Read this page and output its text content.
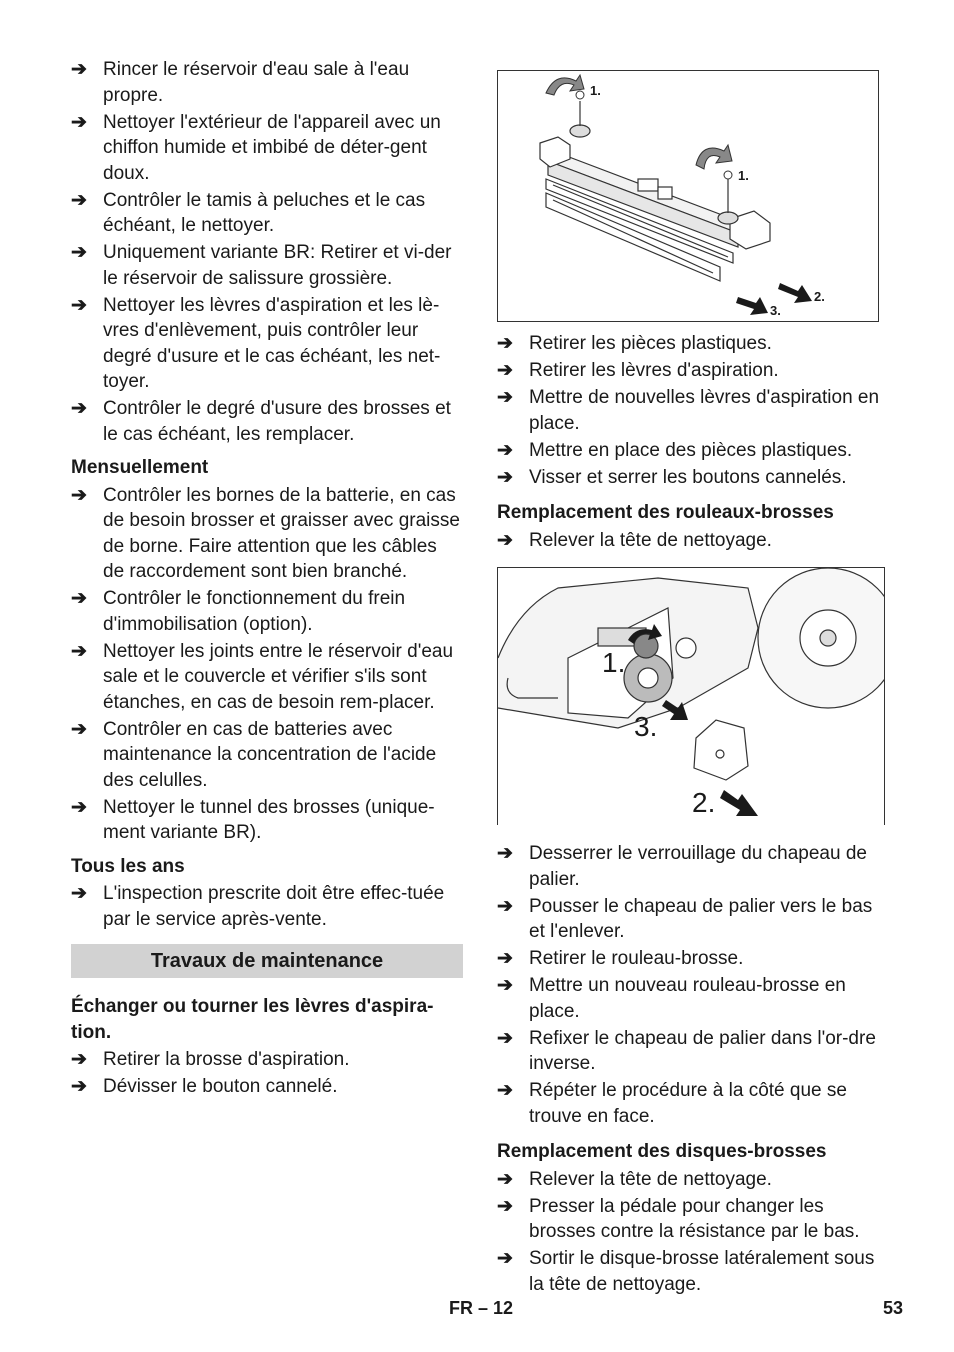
➔ Rincer le réservoir d'eau sale à l'eau propre.
➔ Nettoyer l'extérieur de l'appareil avec un chiffon humide et imbibé de déter-gent doux.
➔ Contrôler le tamis à peluches et le cas échéant, le nettoyer.
➔ Uniquement variante BR: Retirer et vi-der le réservoir de salissure grossière.
➔ Nettoyer les lèvres d'aspiration et les lè-vres d'enlèvement, puis contrôler leur degré d'usure et le cas échéant, les net-toyer.
➔ Contrôler le degré d'usure des brosses et le cas échéant, les remplacer.
Mensuellement
➔ Contrôler les bornes de la batterie, en cas de besoin brosser et graisser avec graisse de borne. Faire attention que les câbles de raccordement sont bien branché.
➔ Contrôler le fonctionnement du frein d'immobilisation (option).
➔ Nettoyer les joints entre le réservoir d'eau sale et le couvercle et vérifier s'ils sont étanches, en cas de besoin rem-placer.
➔ Contrôler en cas de batteries avec maintenance la concentration de l'acide des celulles.
➔ Nettoyer le tunnel des brosses (unique-ment variante BR).
Tous les ans
➔ L'inspection prescrite doit être effec-tuée par le service après-vente.
Travaux de maintenance
Échanger ou tourner les lèvres d'aspira-tion.
➔ Retirer la brosse d'aspiration.
➔ Dévisser le bouton cannelé.
1.
1.
2.
3.
➔ Retirer les pièces plastiques.
➔ Retirer les lèvres d'aspiration.
➔ Mettre de nouvelles lèvres d'aspiration en place.
➔ Mettre en place des pièces plastiques.
➔ Visser et serrer les boutons cannelés.
Remplacement des rouleaux-brosses
➔ Relever la tête de nettoyage.
1.
3.
2.
➔ Desserrer le verrouillage du chapeau de palier.
➔ Pousser le chapeau de palier vers le bas et l'enlever.
➔ Retirer le rouleau-brosse.
➔ Mettre un nouveau rouleau-brosse en place.
➔ Refixer le chapeau de palier dans l'or-dre inverse.
➔ Répéter le procédure à la côté que se trouve en face.
Remplacement des disques-brosses
➔ Relever la tête de nettoyage.
➔ Presser la pédale pour changer les brosses contre la résistance par le bas.
➔ Sortir le disque-brosse latéralement sous la tête de nettoyage.
FR – 12	53
